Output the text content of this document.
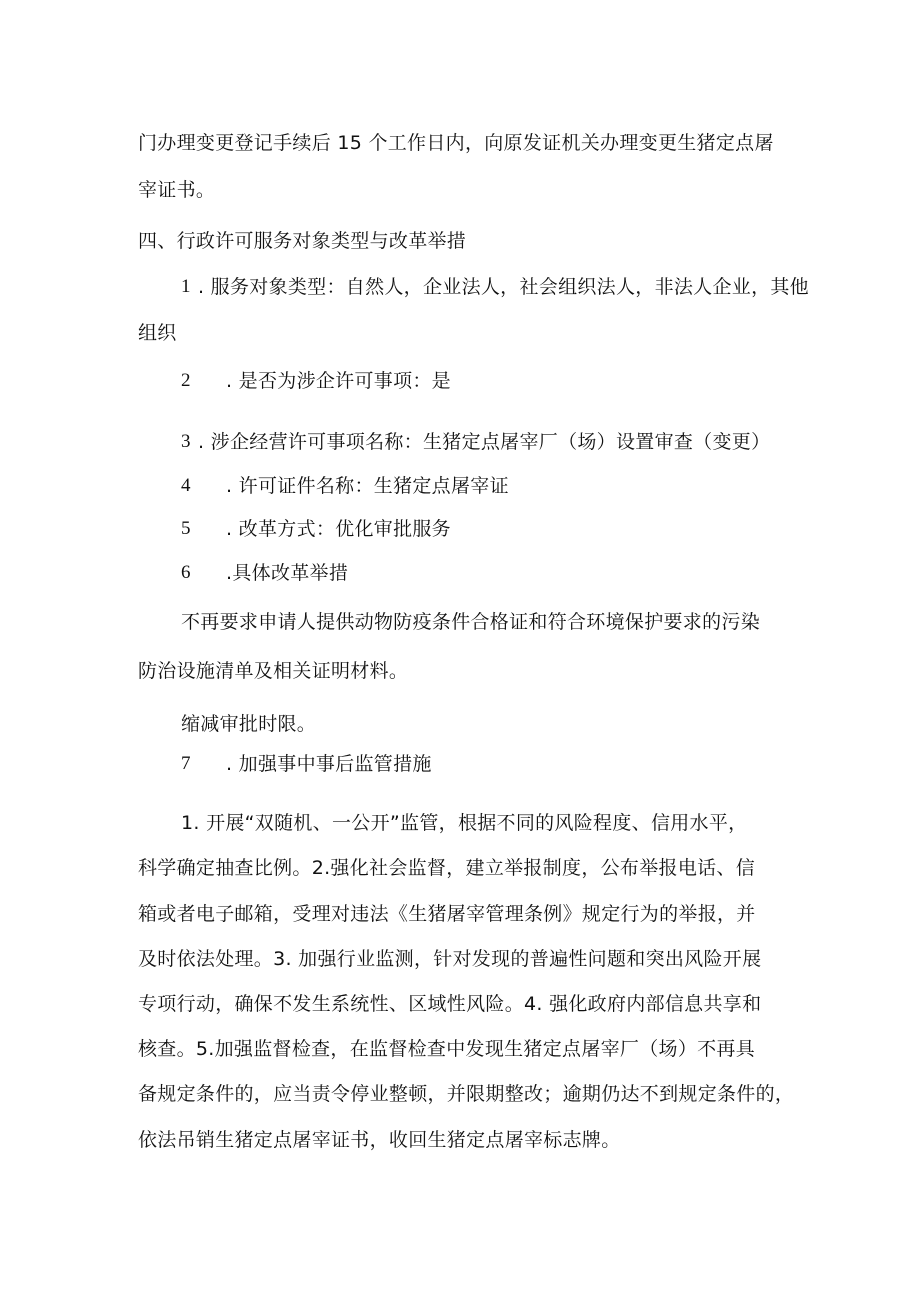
门办理变更登记手续后 15 个工作日内，向原发证机关办理变更生猪定点屠
宰证书。
四、行政许可服务对象类型与改革举措
1 . 服务对象类型：自然人，企业法人，社会组织法人，非法人企业，其他
组织
2 . 是否为涉企许可事项：是
3 . 涉企经营许可事项名称：生猪定点屠宰厂（场）设置审查（变更）
4 . 许可证件名称：生猪定点屠宰证
5 . 改革方式：优化审批服务
6 .具体改革举措
不再要求申请人提供动物防疫条件合格证和符合环境保护要求的污染
防治设施清单及相关证明材料。
缩减审批时限。
7 . 加强事中事后监管措施
1. 开展“双随机、一公开”监管，根据不同的风险程度、信用水平，
科学确定抽查比例。2.强化社会监督，建立举报制度，公布举报电话、信
箱或者电子邮箱，受理对违法《生猪屠宰管理条例》规定行为的举报，并
及时依法处理。3. 加强行业监测，针对发现的普遍性问题和突出风险开展
专项行动，确保不发生系统性、区域性风险。4. 强化政府内部信息共享和
核查。5.加强监督检查，在监督检查中发现生猪定点屠宰厂（场）不再具
备规定条件的，应当责令停业整顿，并限期整改；逾期仍达不到规定条件的，
依法吊销生猪定点屠宰证书，收回生猪定点屠宰标志牌。
